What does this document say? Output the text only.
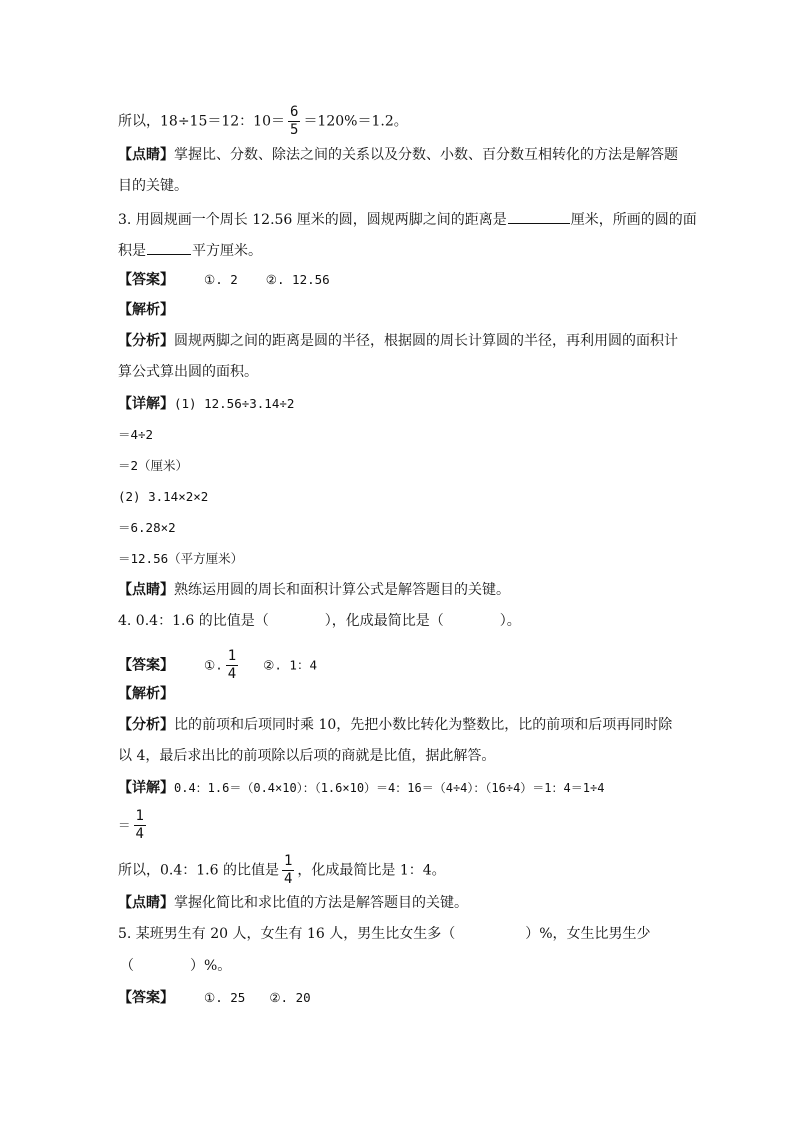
所以，18÷15＝12：$10= \frac{6}{5} =120\%=1.2$。
【点睛】掌握比、分数、除法之间的关系以及分数、小数、百分数互相转化的方法是解答题
目的关键。
3. 用圆规画一个周长 12.56 厘米的圆，圆规两脚之间的距离是	厘米，所画的圆的面
积是	平方厘米。
【答案】 ①. 2 ②. 12.56
【解析】
【分析】圆规两脚之间的距离是圆的半径，根据圆的周长计算圆的半径，再利用圆的面积计
算公式算出圆的面积。
【详解】(1) 12.56÷3.14÷2
＝4÷2
＝2（厘米）
(2) 3.14×2×2
＝6.28×2
＝12.56（平方厘米）
【点睛】熟练运用圆的周长和面积计算公式是解答题目的关键。
4. 0.4：1.6 的比值是（　　　　），化成最简比是（　　　　）。
【答案】 ①. $\frac{1}{4}$ ②. 1：4
【解析】
【分析】比的前项和后项同时乘 10，先把小数比转化为整数比，比的前项和后项再同时除
以 4，最后求出比的前项除以后项的商就是比值，据此解答。
【详解】0.4：1.6＝（0.4×10）：（1.6×10）＝4：16＝（4÷4）：（16÷4）＝1：4＝1÷4
＝ $\frac{1}{4}$
所以，0.4：1.6 的比值是 $\frac{1}{4}$ ，化成最简比是 1：4。
【点睛】掌握化简比和求比值的方法是解答题目的关键。
5. 某班男生有 20 人，女生有 16 人，男生比女生多（　　　　　）%，女生比男生少
（　　　　）%。
【答案】 ①. 25 ②. 20
